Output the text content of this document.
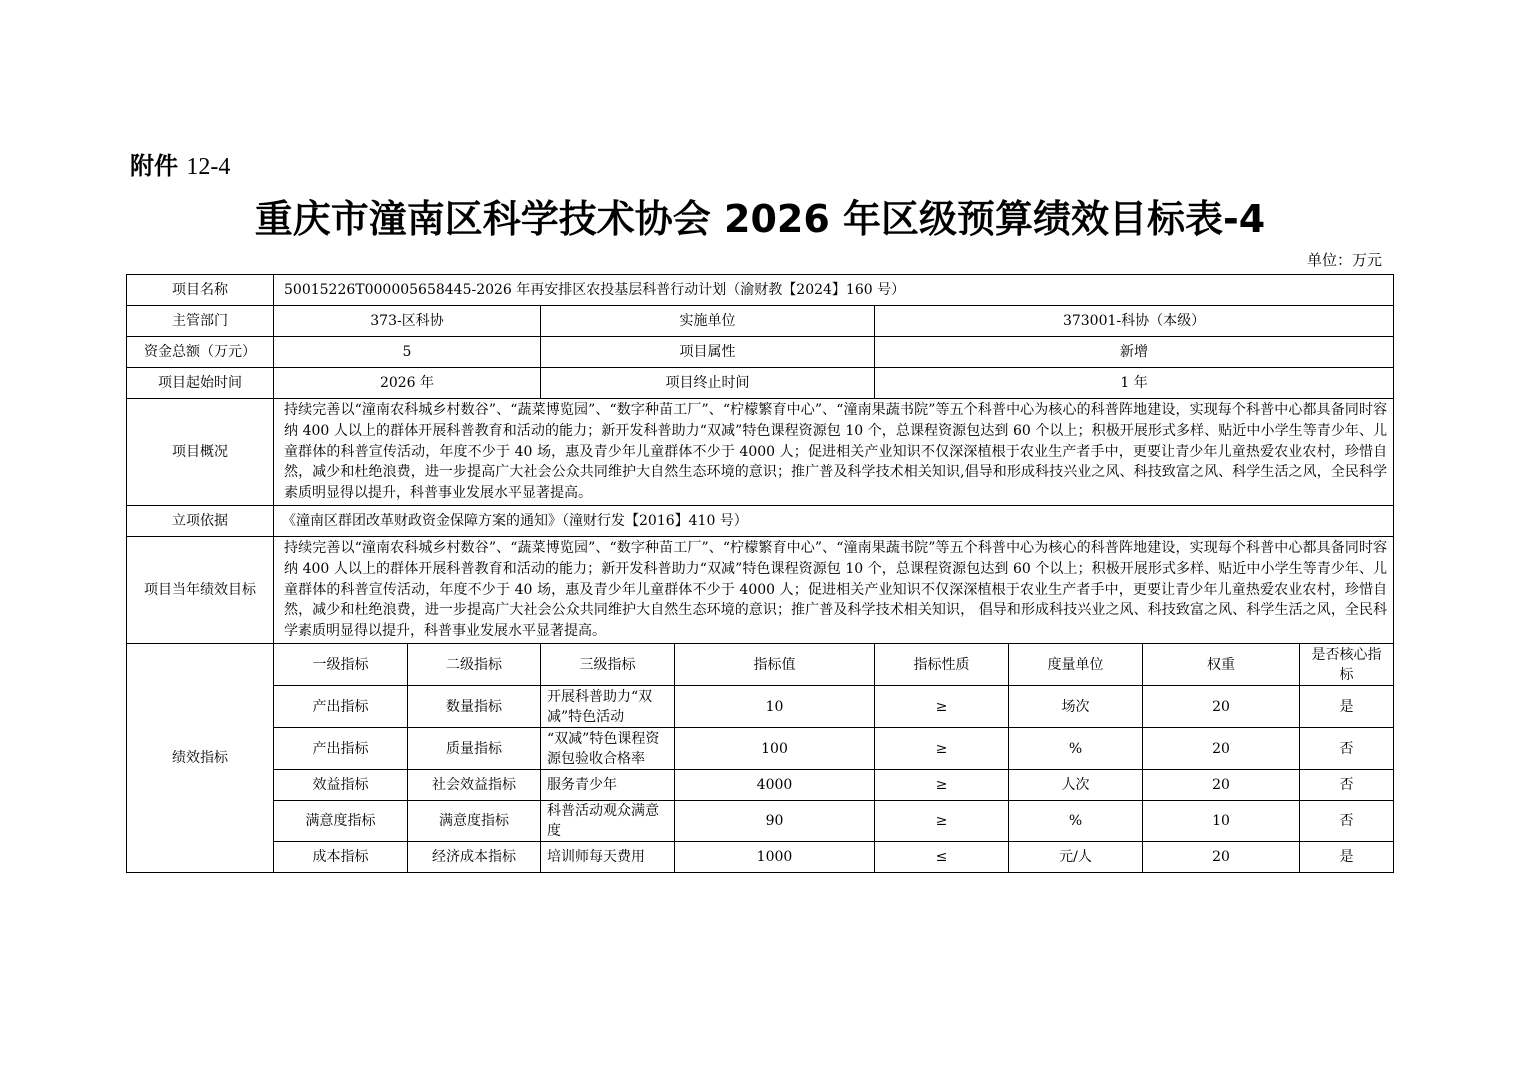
附件 12-4
重庆市潼南区科学技术协会 2026 年区级预算绩效目标表-4
单位：万元
项目名称	50015226T000005658445-2026 年再安排区农投基层科普行动计划（渝财教【2024】160 号）							
主管部门	373-区科协		实施单位		373001-科协（本级）			
资金总额（万元）	5		项目属性		新增			
项目起始时间	2026 年		项目终止时间		1 年			
项目概况	持续完善以“潼南农科城乡村数谷”、“蔬菜博览园”、“数字种苗工厂”、“柠檬繁育中心”、“潼南果蔬书院”等五个科普中心为核心的科普阵地建设，实现每个科普中心都具备同时容纳 400 人以上的群体开展科普教育和活动的能力；新开发科普助力“双减”特色课程资源包 10 个，总课程资源包达到 60 个以上；积极开展形式多样、贴近中小学生等青少年、儿童群体的科普宣传活动，年度不少于 40 场，惠及青少年儿童群体不少于 4000 人；促进相关产业知识不仅深深植根于农业生产者手中，更要让青少年儿童热爱农业农村，珍惜自然，减少和杜绝浪费，进一步提高广大社会公众共同维护大自然生态环境的意识；推广普及科学技术相关知识,倡导和形成科技兴业之风、科技致富之风、科学生活之风，全民科学素质明显得以提升，科普事业发展水平显著提高。							
立项依据	《潼南区群团改革财政资金保障方案的通知》（潼财行发【2016】410 号）							
项目当年绩效目标	持续完善以“潼南农科城乡村数谷”、“蔬菜博览园”、“数字种苗工厂”、“柠檬繁育中心”、“潼南果蔬书院”等五个科普中心为核心的科普阵地建设，实现每个科普中心都具备同时容纳 400 人以上的群体开展科普教育和活动的能力；新开发科普助力“双减”特色课程资源包 10 个，总课程资源包达到 60 个以上；积极开展形式多样、贴近中小学生等青少年、儿童群体的科普宣传活动，年度不少于 40 场，惠及青少年儿童群体不少于 4000 人；促进相关产业知识不仅深深植根于农业生产者手中，更要让青少年儿童热爱农业农村，珍惜自然，减少和杜绝浪费，进一步提高广大社会公众共同维护大自然生态环境的意识；推广普及科学技术相关知识， 倡导和形成科技兴业之风、科技致富之风、科学生活之风，全民科学素质明显得以提升，科普事业发展水平显著提高。							
绩效指标	一级指标	二级指标	三级指标	指标值	指标性质	度量单位	权重	是否核心指标
	产出指标	数量指标	开展科普助力“双减”特色活动	10	≥	场次	20	是
	产出指标	质量指标	“双减”特色课程资源包验收合格率	100	≥	%	20	否
	效益指标	社会效益指标	服务青少年	4000	≥	人次	20	否
	满意度指标	满意度指标	科普活动观众满意度	90	≥	%	10	否
	成本指标	经济成本指标	培训师每天费用	1000	≤	元/人	20	是
